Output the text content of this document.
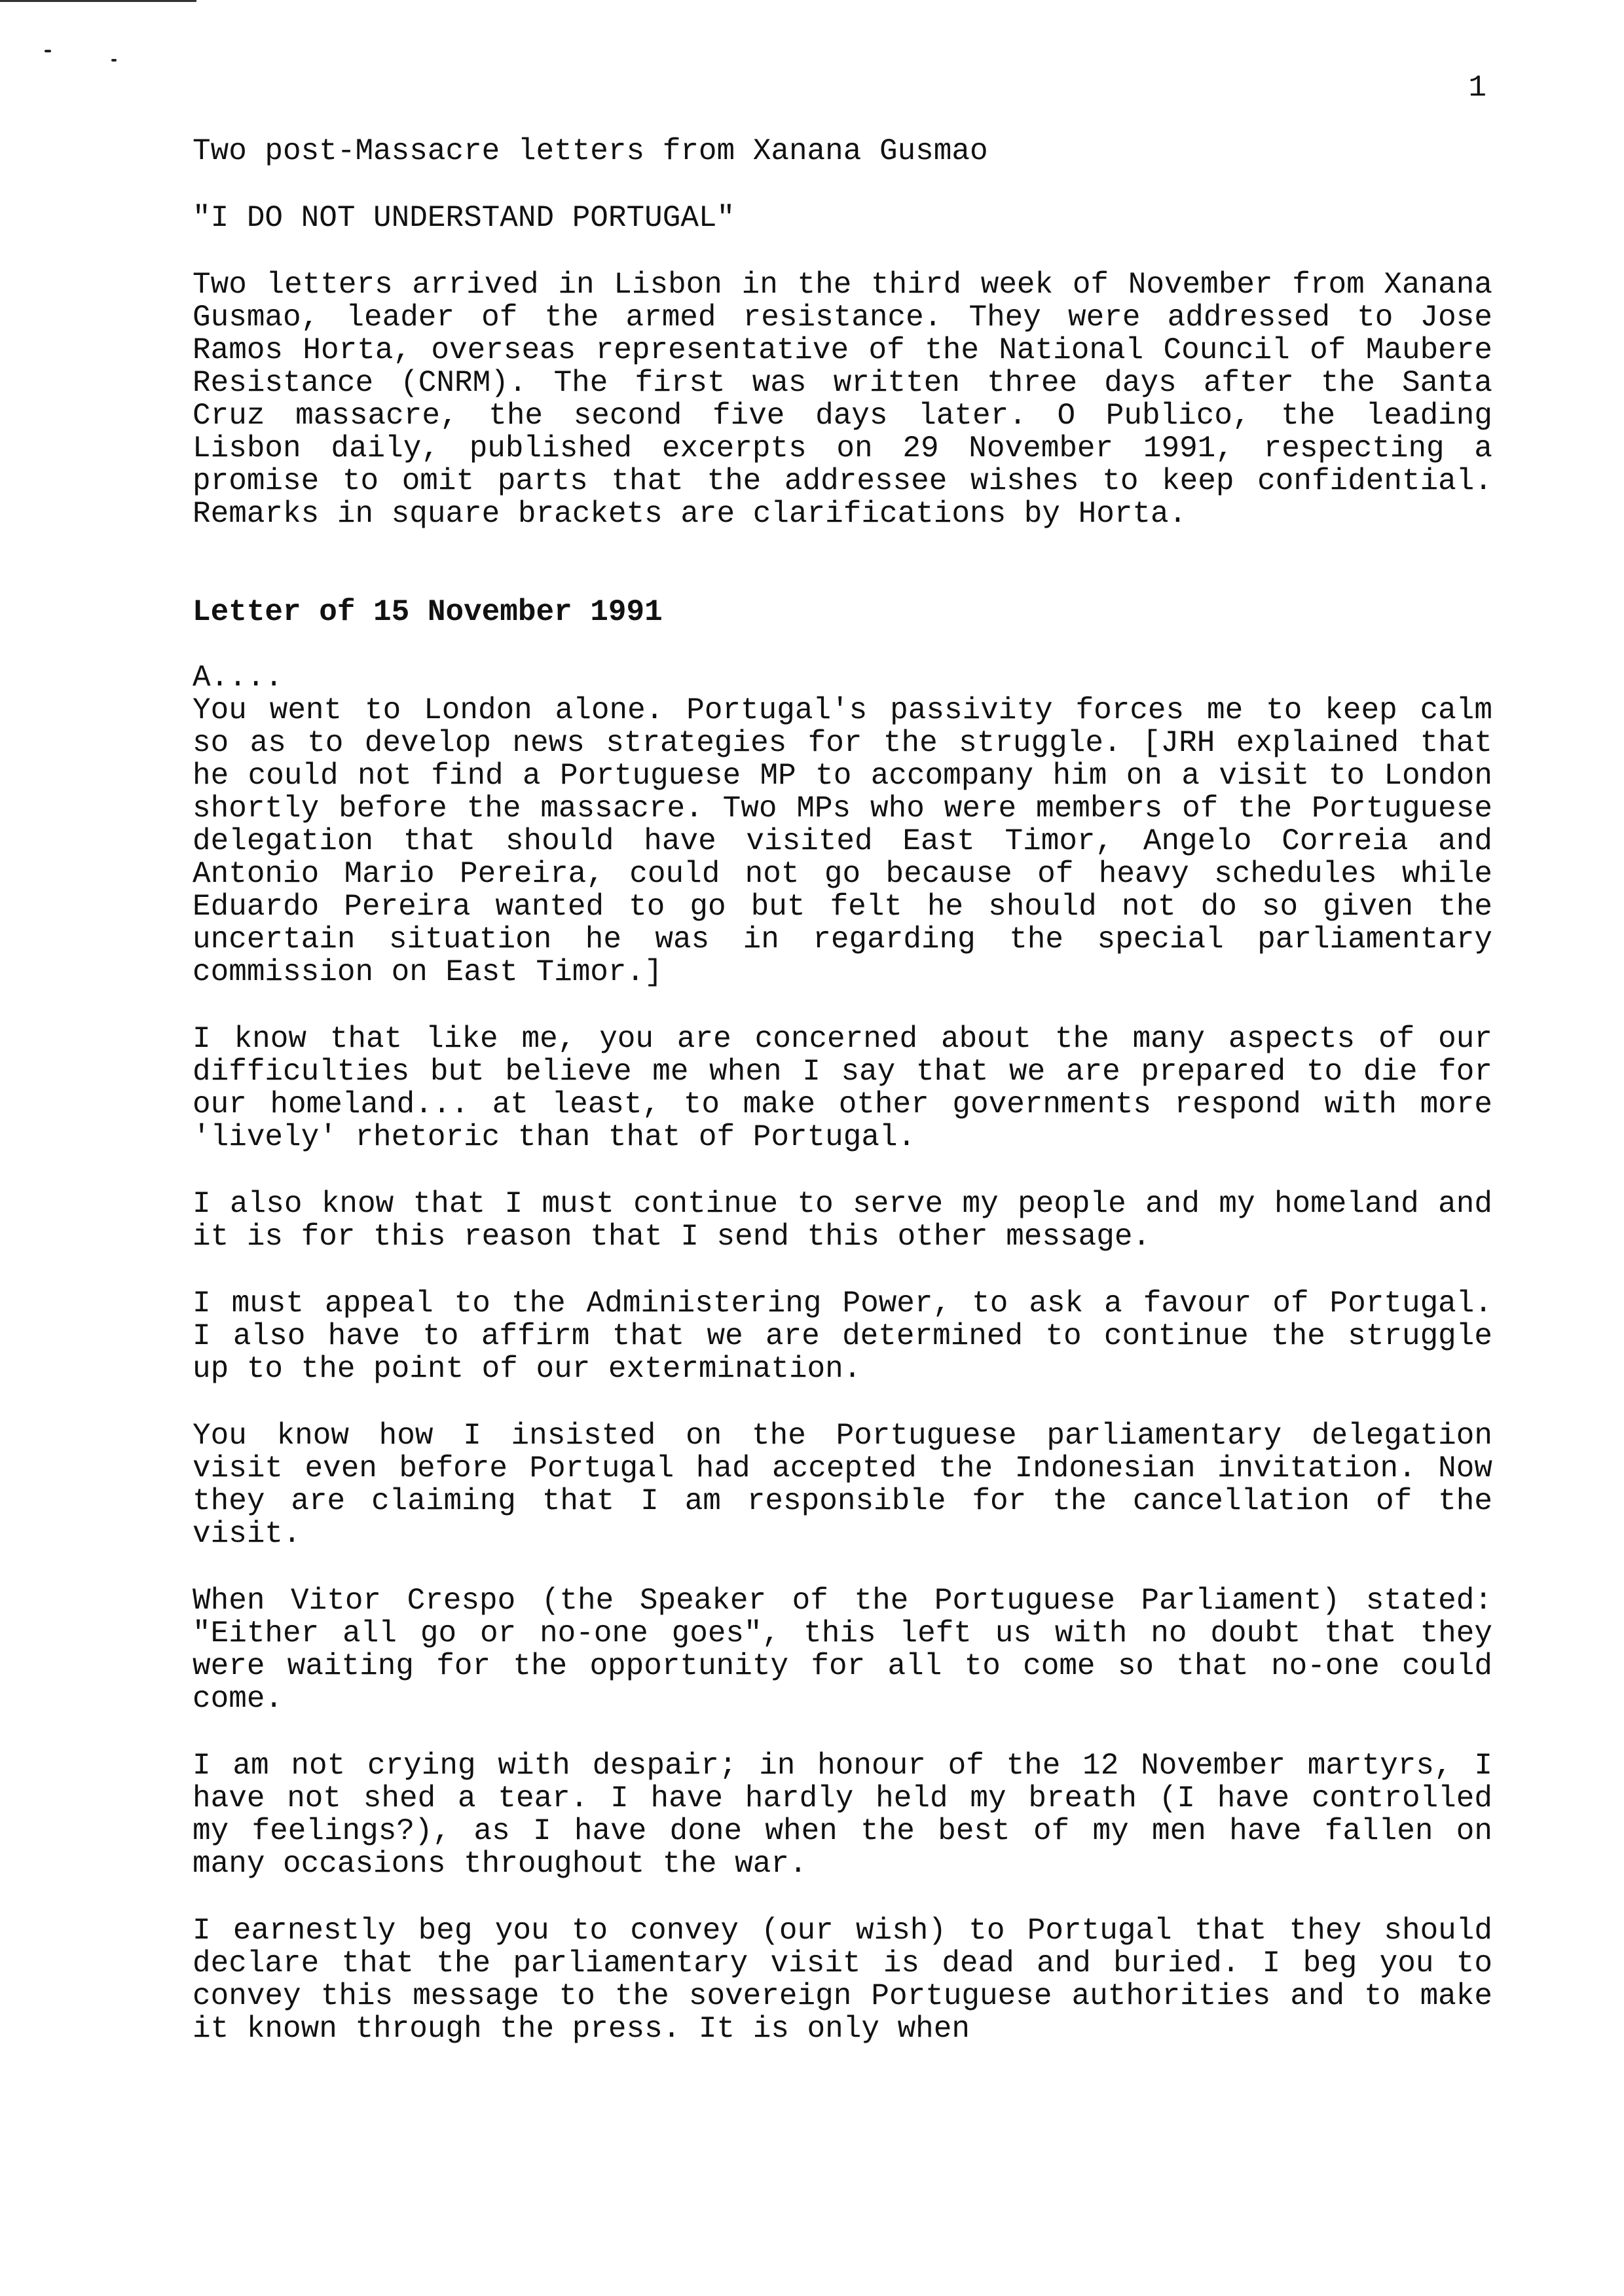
1
Two post-Massacre letters from Xanana Gusmao
"I DO NOT UNDERSTAND PORTUGAL"

Two letters arrived in Lisbon in the third week of November from Xanana Gusmao, leader of the armed resistance. They were addressed to Jose Ramos Horta, overseas representative of the National Council of Maubere Resistance (CNRM). The first was written three days after the Santa Cruz massacre, the second five days later. O Publico, the leading Lisbon daily, published excerpts on 29 November 1991, respecting a promise to omit parts that the addressee wishes to keep confidential. Remarks in square brackets are clarifications by Horta.

Letter of 15 November 1991
A....

You went to London alone. Portugal's passivity forces me to keep calm so as to develop news strategies for the struggle. [JRH explained that he could not find a Portuguese MP to accompany him on a visit to London shortly before the massacre. Two MPs who were members of the Portuguese delegation that should have visited East Timor, Angelo Correia and Antonio Mario Pereira, could not go because of heavy schedules while Eduardo Pereira wanted to go but felt he should not do so given the uncertain situation he was in regarding the special parliamentary commission on East Timor.]

I know that like me, you are concerned about the many aspects of our difficulties but believe me when I say that we are prepared to die for our homeland... at least, to make other governments respond with more 'lively' rhetoric than that of Portugal.

I also know that I must continue to serve my people and my homeland and it is for this reason that I send this other message.

I must appeal to the Administering Power, to ask a favour of Portugal. I also have to affirm that we are determined to continue the struggle up to the point of our extermination.

You know how I insisted on the Portuguese parliamentary delegation visit even before Portugal had accepted the Indonesian invitation. Now they are claiming that I am responsible for the cancellation of the visit.

When Vitor Crespo (the Speaker of the Portuguese Parliament) stated: "Either all go or no-one goes", this left us with no doubt that they were waiting for the opportunity for all to come so that no-one could come.

I am not crying with despair; in honour of the 12 November martyrs, I have not shed a tear. I have hardly held my breath (I have controlled my feelings?), as I have done when the best of my men have fallen on many occasions throughout the war.

I earnestly beg you to convey (our wish) to Portugal that they should declare that the parliamentary visit is dead and buried. I beg you to convey this message to the sovereign Portuguese authorities and to make it known through the press. It is only when
